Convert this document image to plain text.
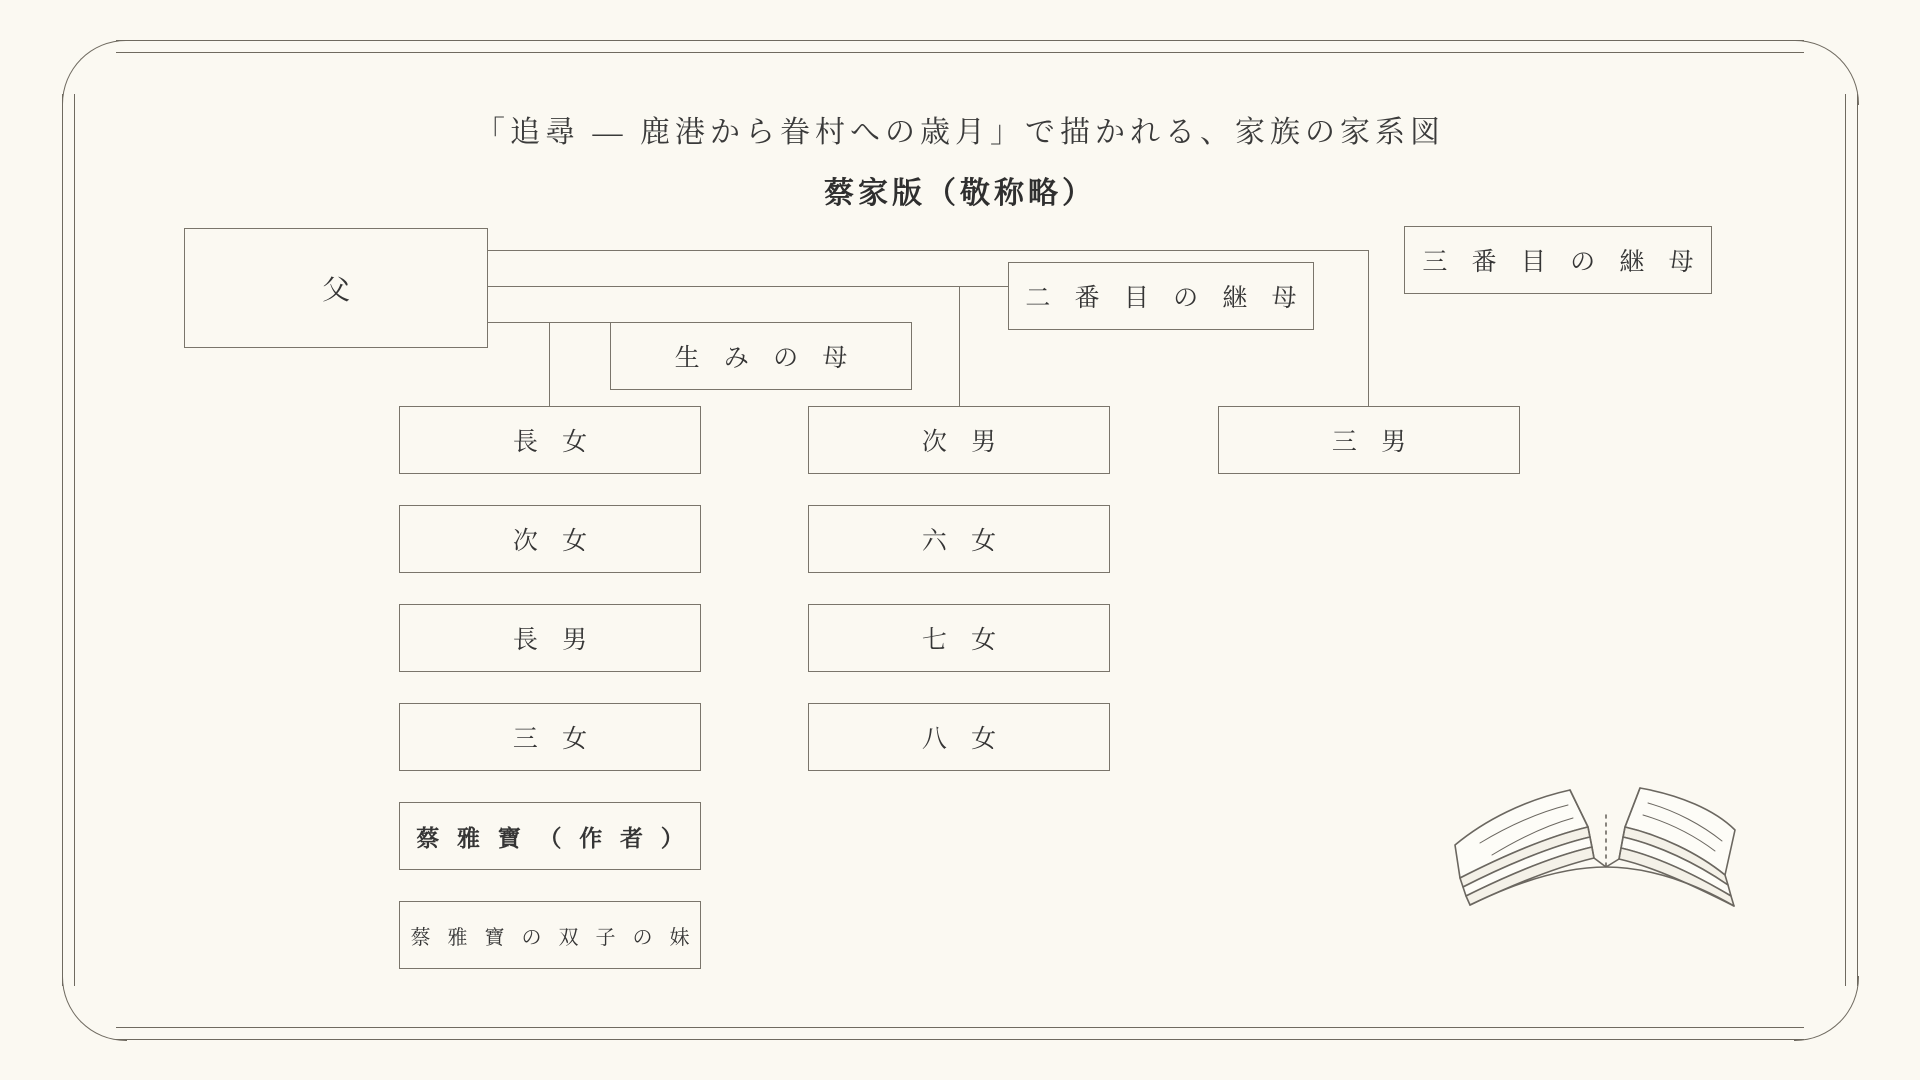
「追尋 — 鹿港から眷村への歳月」で描かれる、家族の家系図
蔡家版（敬称略）
父
生 み の 母
二 番 目 の 継 母
三 番 目 の 継 母
長 女
次 女
長 男
三 女
蔡 雅 寶 （ 作 者 ）
蔡 雅 寶 の 双 子 の 妹
次 男
六 女
七 女
八 女
三 男
